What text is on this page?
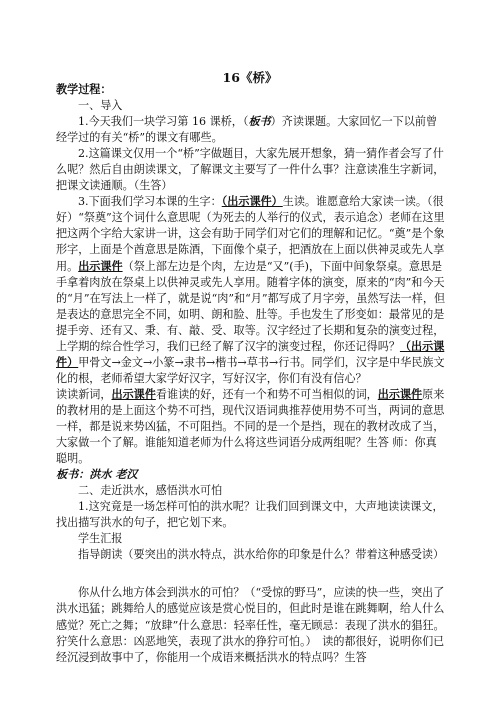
16《桥》

教学过程：

一、导入

1.今天我们一块学习第 16 课桥，（板书）齐读课题。大家回忆一下以前曾经学过的有关“桥”的课文有哪些。

2.这篇课文仅用一个“桥”字做题目，大家先展开想象，猜一猜作者会写了什么呢？然后自由朗读课文，了解课文主要写了一件什么事？注意读准生字新词，把课文读通顺。（生答）

3.下面我们学习本课的生字：（出示课件）生读。谁愿意给大家读一读。（很好）“祭奠”这个词什么意思呢（为死去的人举行的仪式，表示追念）老师在这里把这两个字给大家讲一讲，这会有助于同学们对它们的理解和记忆。“奠”是个象形字，上面是个酋意思是陈酒，下面像个桌子，把酒放在上面以供神灵或先人享用。出示课件（祭上部左边是个肉，左边是“又”(手)，下面中间象祭桌。意思是手拿着肉放在祭桌上以供神灵或先人享用。随着字体的演变，原来的“肉”和今天的“月”在写法上一样了，就是说“肉”和“月”都写成了月字旁，虽然写法一样，但是表达的意思完全不同，如明、朗和脸、肚等。手也发生了形变如：最常见的是提手旁、还有又、秉、有、敲、受、取等。汉字经过了长期和复杂的演变过程，上学期的综合性学习，我们已经了解了汉字的演变过程，你还记得吗？（出示课件）甲骨文→金文→小篆→隶书→楷书→草书→行书。同学们，汉字是中华民族文化的根，老师希望大家学好汉字，写好汉字，你们有没有信心？

读读新词，出示课件看谁读的好，还有一个和势不可当相似的词，出示课件原来的教材用的是上面这个势不可挡，现代汉语词典推荐使用势不可当，两词的意思一样，都是说来势凶猛，不可阻挡。不同的是一个是挡，现在的教材改成了当，大家做一个了解。谁能知道老师为什么将这些词语分成两组呢？生答 师：你真聪明。

板书：洪水 老汉

二、走近洪水，感悟洪水可怕

1.这究竟是一场怎样可怕的洪水呢？让我们回到课文中，大声地读读课文，找出描写洪水的句子，把它划下来。

学生汇报

指导朗读（要突出的洪水特点，洪水给你的印象是什么？带着这种感受读）

你从什么地方体会到洪水的可怕？（“受惊的野马”，应读的快一些，突出了洪水迅猛；跳舞给人的感觉应该是赏心悦目的，但此时是谁在跳舞啊，给人什么感觉？死亡之舞；“放肆”什么意思：轻率任性，毫无顾忌：表现了洪水的猖狂。狞笑什么意思：凶恶地笑，表现了洪水的狰狞可怕。）　读的都很好，说明你们已经沉浸到故事中了，你能用一个成语来概括洪水的特点吗？生答
